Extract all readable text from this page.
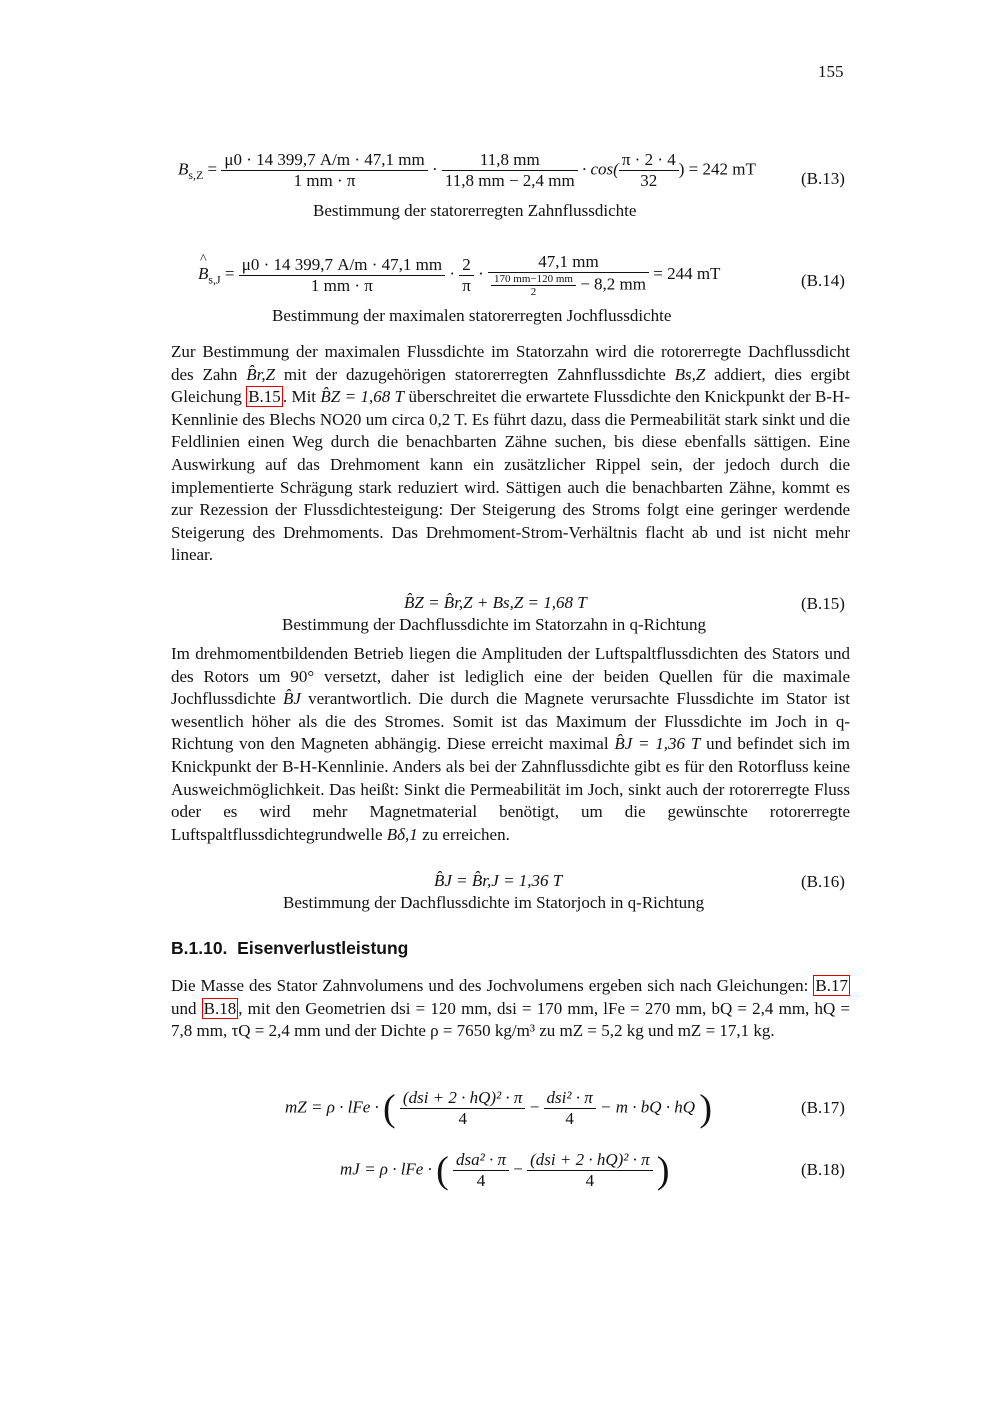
155
$B_{s,Z} = \frac{\mu 0 \cdot 14 399,7 A/m \cdot 47,1 mm}{1 mm \cdot \pi} \cdot \frac{11,8 mm}{11,8 mm - 2,4 mm} \cdot \cos( \frac{\pi \cdot 2 \cdot 4}{32}$ ) = 242 mT
(B.13)
Bestimmung der statorerregten Zahnflussdichte
^ $B_{s,J} = \frac{\mu 0 \cdot 14 399,7 A/m \cdot 47,1 mm}{1 mm \cdot \pi} \cdot \frac{2}{\pi} \cdot \frac{47,1 mm}{\frac{170 mm-120 mm}{2} - 8,2 mm} = 244$ mT	(B.14)
Bestimmung der maximalen statorerregten Jochflussdichte
Zur Bestimmung der maximalen Flussdichte im Statorzahn wird die rotorerregte Dachflussdicht des Zahn B̂r,Z mit der dazugehörigen statorerregten Zahnflussdichte Bs,Z addiert, dies ergibt Gleichung B.15 . Mit B̂Z = 1,68 T überschreitet die erwartete Flussdichte den Knickpunkt der B-H-Kennlinie des Blechs NO20 um circa 0,2 T. Es führt dazu, dass die Permeabilität stark sinkt und die Feldlinien einen Weg durch die benachbarten Zähne suchen, bis diese ebenfalls sättigen. Eine Auswirkung auf das Drehmoment kann ein zusätzlicher Rippel sein, der jedoch durch die implementierte Schrägung stark reduziert wird. Sättigen auch die benachbarten Zähne, kommt es zur Rezession der Flussdichtesteigung: Der Steigerung des Stroms folgt eine geringer werdende Steigerung des Drehmoments. Das Drehmoment-Strom-Verhältnis flacht ab und ist nicht mehr linear.
B̂Z = B̂r,Z + Bs,Z = 1,68 T	(B.15)
Bestimmung der Dachflussdichte im Statorzahn in q-Richtung
Im drehmomentbildenden Betrieb liegen die Amplituden der Luftspaltflussdichten des Stators und des Rotors um 90° versetzt, daher ist lediglich eine der beiden Quellen für die maximale Jochflussdichte B̂J verantwortlich. Die durch die Magnete verursachte Flussdichte im Stator ist wesentlich höher als die des Stromes. Somit ist das Maximum der Flussdichte im Joch in q-Richtung von den Magneten abhängig. Diese erreicht maximal B̂J = 1,36 T und befindet sich im Knickpunkt der B-H-Kennlinie. Anders als bei der Zahnflussdichte gibt es für den Rotorfluss keine Ausweichmöglichkeit. Das heißt: Sinkt die Permeabilität im Joch, sinkt auch der rotorerregte Fluss oder es wird mehr Magnetmaterial benötigt, um die gewünschte rotorerregte Luftspaltflussdichtegrundwelle Bδ,1 zu erreichen.
B̂J = B̂r,J = 1,36 T	(B.16)
Bestimmung der Dachflussdichte im Statorjoch in q-Richtung
B.1.10. Eisenverlustleistung
Die Masse des Stator Zahnvolumens und des Jochvolumens ergeben sich nach Gleichungen: B.17 und B.18 , mit den Geometrien dsi = 120 mm, dsi = 170 mm, lFe = 270 mm, bQ = 2,4 mm, hQ = 7,8 mm, τQ = 2,4 mm und der Dichte ρ = 7650 kg/m³ zu mZ = 5,2 kg und mZ = 17,1 kg.
mZ = ρ · lFe · ( $\frac{\text{(dsi + 2 · hQ)² · π}}{4} - \frac{\text{dsi² · π}}{4} - m$ · bQ · hQ )	(B.17)
mJ = ρ · lFe · ( $\frac{\text{dsa² · π}}{4} - \frac{\text{(dsi + 2 · hQ)² · π}}{4}$ )	(B.18)
